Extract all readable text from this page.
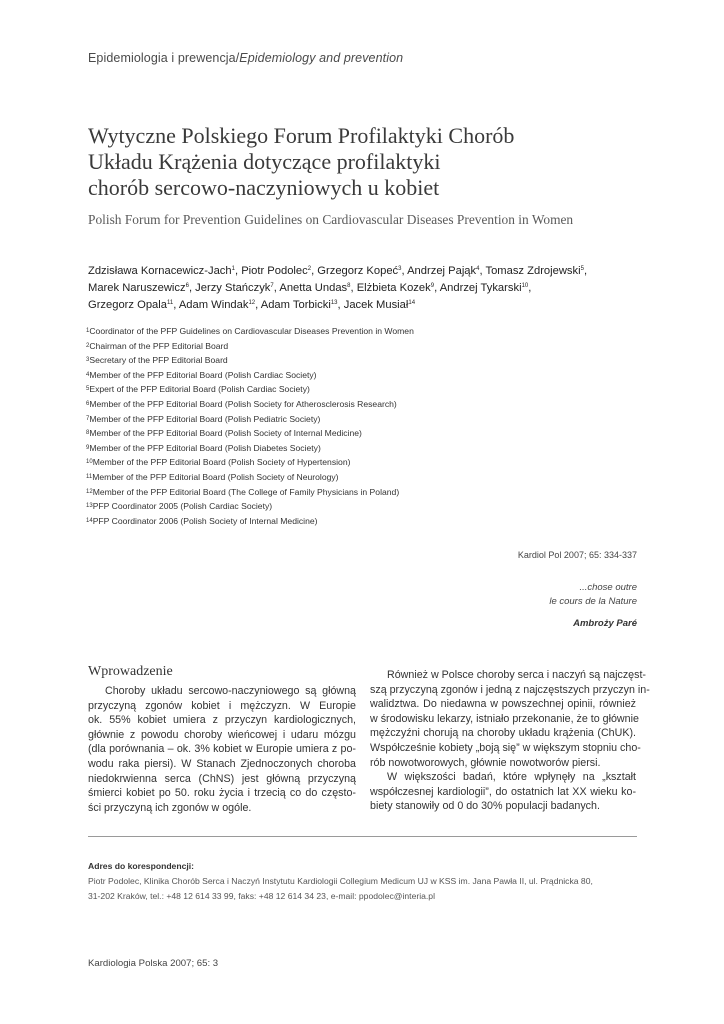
Epidemiologia i prewencja/Epidemiology and prevention
Wytyczne Polskiego Forum Profilaktyki Chorób
Układu Krążenia dotyczące profilaktyki
chorób sercowo-naczyniowych u kobiet
Polish Forum for Prevention Guidelines on Cardiovascular Diseases Prevention in Women
Zdzisława Kornacewicz-Jach$^1$, Piotr Podolec$^2$, Grzegorz Kopeć$^3$, Andrzej Pająk$^4$, Tomasz Zdrojewski$^5$,
Marek Naruszewicz$^6$, Jerzy Stańczyk$^7$, Anetta Undas$^8$, Elżbieta Kozek$^9$, Andrzej Tykarski$^{10}$,
Grzegorz Opala$^{11}$, Adam Windak$^{12}$, Adam Torbicki$^{13}$, Jacek Musiał$^{14}$
$^1$Coordinator of the PFP Guidelines on Cardiovascular Diseases Prevention in Women
$^2$Chairman of the PFP Editorial Board
$^3$Secretary of the PFP Editorial Board
$^4$Member of the PFP Editorial Board (Polish Cardiac Society)
$^5$Expert of the PFP Editorial Board (Polish Cardiac Society)
$^6$Member of the PFP Editorial Board (Polish Society for Atherosclerosis Research)
$^7$Member of the PFP Editorial Board (Polish Pediatric Society)
$^8$Member of the PFP Editorial Board (Polish Society of Internal Medicine)
$^9$Member of the PFP Editorial Board (Polish Diabetes Society)
$^{10}$Member of the PFP Editorial Board (Polish Society of Hypertension)
$^{11}$Member of the PFP Editorial Board (Polish Society of Neurology)
$^{12}$Member of the PFP Editorial Board (The College of Family Physicians in Poland)
$^{13}$PFP Coordinator 2005 (Polish Cardiac Society)
$^{14}$PFP Coordinator 2006 (Polish Society of Internal Medicine)
Kardiol Pol 2007; 65: 334-337
...chose outre
le cours de la Nature
Ambroży Paré
Wprowadzenie
Choroby układu sercowo-naczyniowego są główną
przyczyną zgonów kobiet i mężczyzn. W Europie
ok. 55% kobiet umiera z przyczyn kardiologicznych,
głównie z powodu choroby wieńcowej i udaru mózgu
(dla porównania – ok. 3% kobiet w Europie umiera z po-
wodu raka piersi). W Stanach Zjednoczonych choroba
niedokrwienna serca (ChNS) jest główną przyczyną
śmierci kobiet po 50. roku życia i trzecią co do często-
ści przyczyną ich zgonów w ogóle.
Również w Polsce choroby serca i naczyń są najczęst-
szą przyczyną zgonów i jedną z najczęstszych przyczyn in-
walidztwa. Do niedawna w powszechnej opinii, również
w środowisku lekarzy, istniało przekonanie, że to głównie
mężczyźni chorują na choroby układu krążenia (ChUK).
Współcześnie kobiety „boją się” w większym stopniu cho-
rób nowotworowych, głównie nowotworów piersi.
W większości badań, które wpłynęły na „kształt
współczesnej kardiologii”, do ostatnich lat XX wieku ko-
biety stanowiły od 0 do 30% populacji badanych.
Adres do korespondencji:
Piotr Podolec, Klinika Chorób Serca i Naczyń Instytutu Kardiologii Collegium Medicum UJ w KSS im. Jana Pawła II, ul. Prądnicka 80,
31-202 Kraków, tel.: +48 12 614 33 99, faks: +48 12 614 34 23, e-mail: ppodolec@interia.pl
Kardiologia Polska 2007; 65: 3
